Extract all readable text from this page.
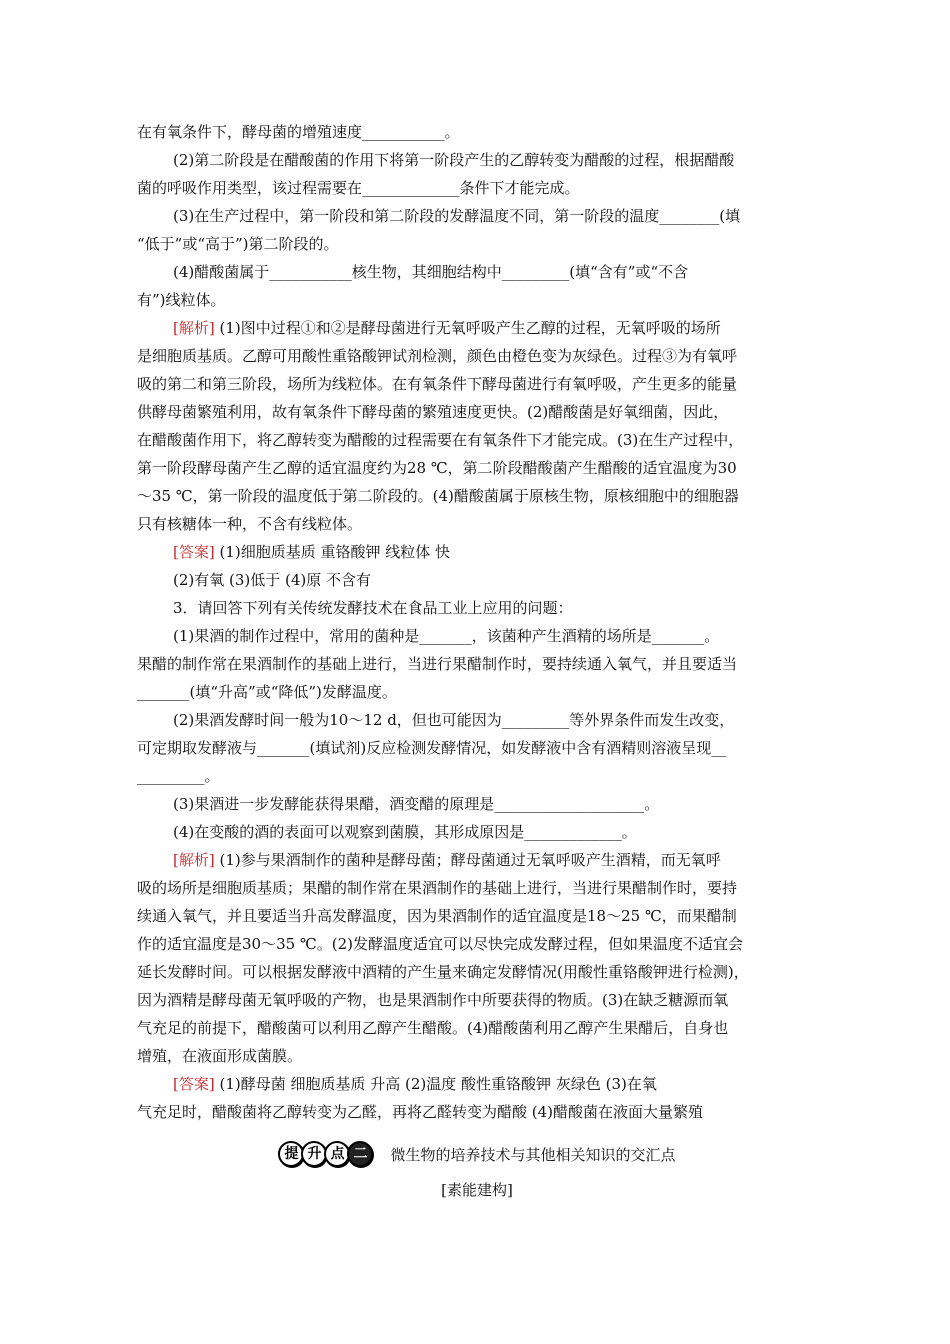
在有氧条件下，酵母菌的增殖速度___________。

(2)第二阶段是在醋酸菌的作用下将第一阶段产生的乙醇转变为醋酸的过程，根据醋酸

菌的呼吸作用类型，该过程需要在_____________条件下才能完成。

(3)在生产过程中，第一阶段和第二阶段的发酵温度不同，第一阶段的温度________(填

“低于”或“高于”)第二阶段的。

(4)醋酸菌属于___________核生物，其细胞结构中_________(填“含有”或“不含

有”)线粒体。

[解析] (1)图中过程①和②是酵母菌进行无氧呼吸产生乙醇的过程，无氧呼吸的场所

是细胞质基质。乙醇可用酸性重铬酸钾试剂检测，颜色由橙色变为灰绿色。过程③为有氧呼

吸的第二和第三阶段，场所为线粒体。在有氧条件下酵母菌进行有氧呼吸，产生更多的能量

供酵母菌繁殖利用，故有氧条件下酵母菌的繁殖速度更快。(2)醋酸菌是好氧细菌，因此，

在醋酸菌作用下，将乙醇转变为醋酸的过程需要在有氧条件下才能完成。(3)在生产过程中，

第一阶段酵母菌产生乙醇的适宜温度约为28 ℃，第二阶段醋酸菌产生醋酸的适宜温度为30

～35 ℃，第一阶段的温度低于第二阶段的。(4)醋酸菌属于原核生物，原核细胞中的细胞器

只有核糖体一种，不含有线粒体。

[答案] (1)细胞质基质 重铬酸钾 线粒体 快

(2)有氧 (3)低于 (4)原 不含有

3．请回答下列有关传统发酵技术在食品工业上应用的问题：

(1)果酒的制作过程中，常用的菌种是_______，该菌种产生酒精的场所是_______。

果醋的制作常在果酒制作的基础上进行，当进行果醋制作时，要持续通入氧气，并且要适当

_______(填“升高”或“降低”)发酵温度。

(2)果酒发酵时间一般为10～12 d，但也可能因为_________等外界条件而发生改变，

可定期取发酵液与_______(填试剂)反应检测发酵情况，如发酵液中含有酒精则溶液呈现__

_________。

(3)果酒进一步发酵能获得果醋，酒变醋的原理是____________________。

(4)在变酸的酒的表面可以观察到菌膜，其形成原因是_____________。

[解析] (1)参与果酒制作的菌种是酵母菌；酵母菌通过无氧呼吸产生酒精，而无氧呼

吸的场所是细胞质基质；果醋的制作常在果酒制作的基础上进行，当进行果醋制作时，要持

续通入氧气，并且要适当升高发酵温度，因为果酒制作的适宜温度是18～25 ℃，而果醋制

作的适宜温度是30～35 ℃。(2)发酵温度适宜可以尽快完成发酵过程，但如果温度不适宜会

延长发酵时间。可以根据发酵液中酒精的产生量来确定发酵情况(用酸性重铬酸钾进行检测)，

因为酒精是酵母菌无氧呼吸的产物，也是果酒制作中所要获得的物质。(3)在缺乏糖源而氧

气充足的前提下，醋酸菌可以利用乙醇产生醋酸。(4)醋酸菌利用乙醇产生果醋后，自身也

增殖，在液面形成菌膜。

[答案] (1)酵母菌 细胞质基质 升高 (2)温度 酸性重铬酸钾 灰绿色 (3)在氧

气充足时，醋酸菌将乙醇转变为乙醛，再将乙醛转变为醋酸 (4)醋酸菌在液面大量繁殖

提 升 点 二	微生物的培养技术与其他相关知识的交汇点

[素能建构]
